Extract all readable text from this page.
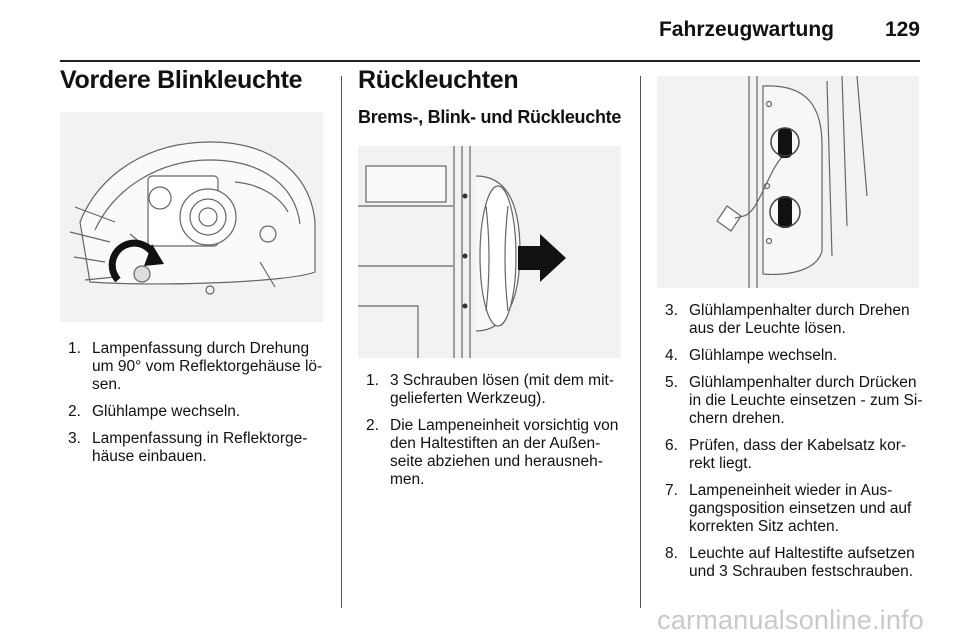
Fahrzeugwartung 129
Vordere Blinkleuchte
1. Lampenfassung durch Drehung um 90° vom Reflektorgehäuse lö-sen.
2. Glühlampe wechseln.
3. Lampenfassung in Reflektorge-häuse einbauen.
Rückleuchten
Brems-, Blink- und Rückleuchte
1. 3 Schrauben lösen (mit dem mit-gelieferten Werkzeug).
2. Die Lampeneinheit vorsichtig von den Haltestiften an der Außen-seite abziehen und herausneh-men.
3. Glühlampenhalter durch Drehen aus der Leuchte lösen.
4. Glühlampe wechseln.
5. Glühlampenhalter durch Drücken in die Leuchte einsetzen - zum Si-chern drehen.
6. Prüfen, dass der Kabelsatz kor-rekt liegt.
7. Lampeneinheit wieder in Aus-gangsposition einsetzen und auf korrekten Sitz achten.
8. Leuchte auf Haltestifte aufsetzen und 3 Schrauben festschrauben.
carmanualsonline.info
